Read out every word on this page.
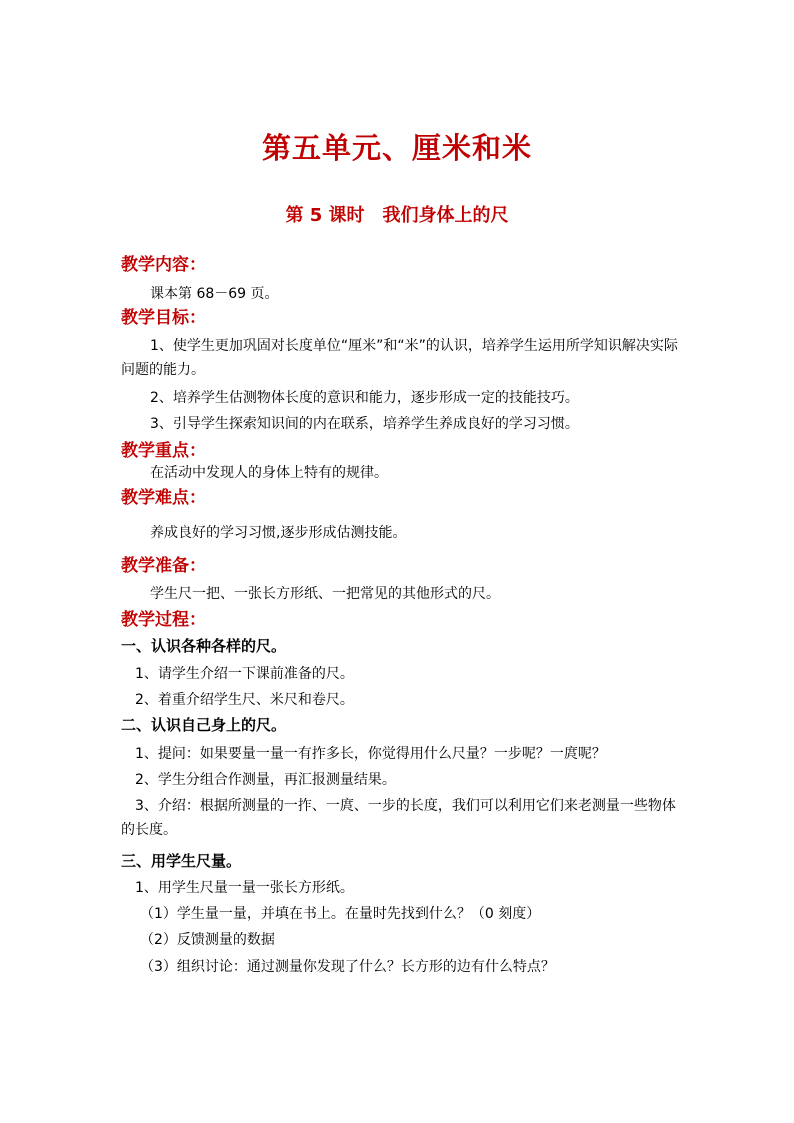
第五单元、厘米和米
第 5 课时　我们身体上的尺
教学内容：
课本第 68－69 页。
教学目标：
1、使学生更加巩固对长度单位“厘米”和“米”的认识，培养学生运用所学知识解决实际问题的能力。
2、培养学生估测物体长度的意识和能力，逐步形成一定的技能技巧。
3、引导学生探索知识间的内在联系，培养学生养成良好的学习习惯。
教学重点：
在活动中发现人的身体上特有的规律。
教学难点：
养成良好的学习习惯,逐步形成估测技能。
教学准备：
学生尺一把、一张长方形纸、一把常见的其他形式的尺。
教学过程：
一、认识各种各样的尺。
1、请学生介绍一下课前准备的尺。
2、着重介绍学生尺、米尺和卷尺。
二、认识自己身上的尺。
1、提问：如果要量一量一有拃多长，你觉得用什么尺量？一步呢？一庹呢？
2、学生分组合作测量，再汇报测量结果。
3、介绍：根据所测量的一拃、一庹、一步的长度，我们可以利用它们来老测量一些物体的长度。
三、用学生尺量。
1、用学生尺量一量一张长方形纸。
（1）学生量一量，并填在书上。在量时先找到什么？（0 刻度）
（2）反馈测量的数据
（3）组织讨论：通过测量你发现了什么？长方形的边有什么特点？
